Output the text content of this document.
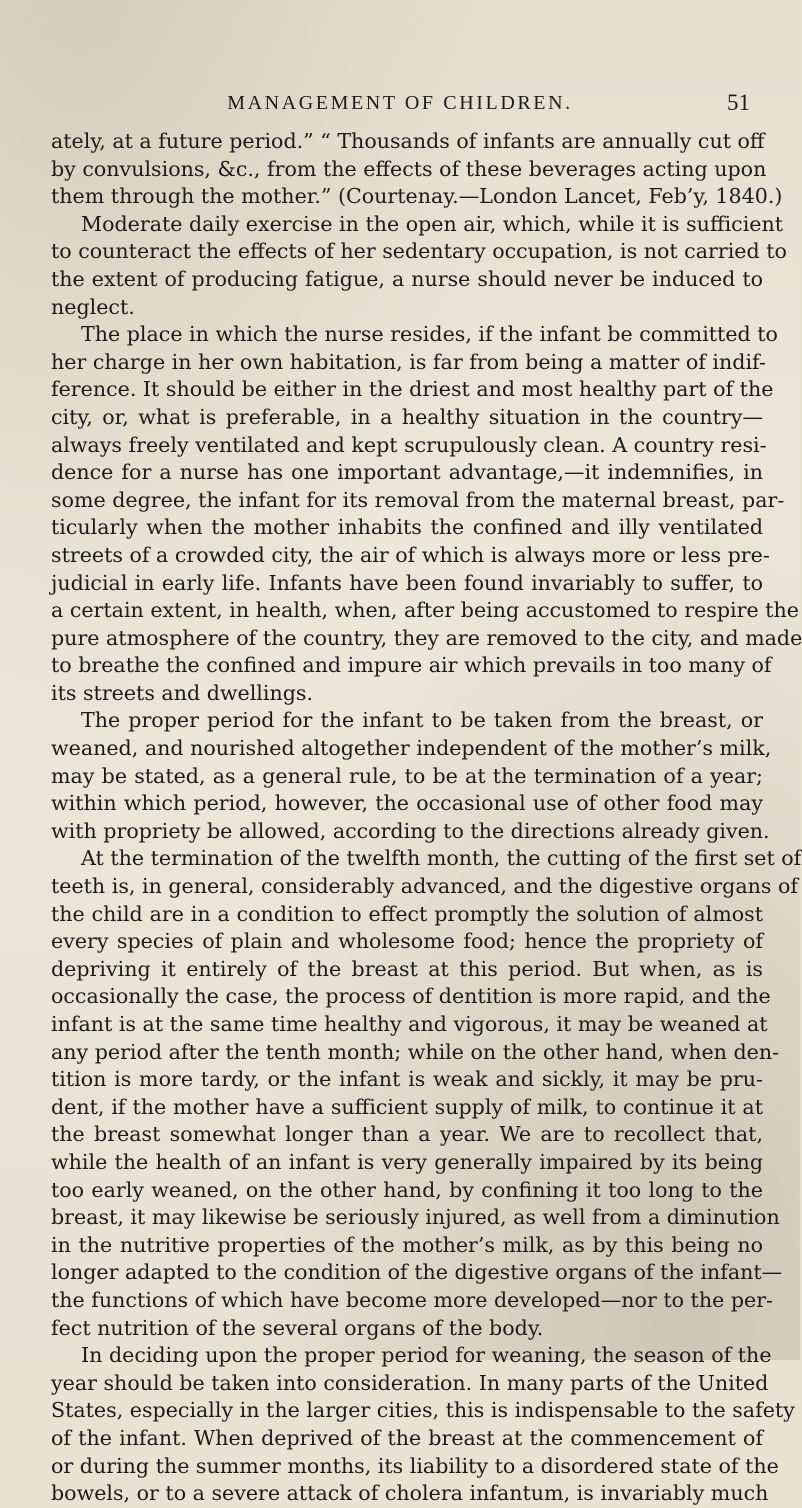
MANAGEMENT OF CHILDREN.	51
ately, at a future period.” “ Thousands of infants are annually cut off
by convulsions, &c., from the effects of these beverages acting upon
them through the mother.” (Courtenay.—London Lancet, Feb’y, 1840.)
Moderate daily exercise in the open air, which, while it is sufficient
to counteract the effects of her sedentary occupation, is not carried to
the extent of producing fatigue, a nurse should never be induced to
neglect.
The place in which the nurse resides, if the infant be committed to
her charge in her own habitation, is far from being a matter of indif-
ference. It should be either in the driest and most healthy part of the
city, or, what is preferable, in a healthy situation in the country—
always freely ventilated and kept scrupulously clean. A country resi-
dence for a nurse has one important advantage,—it indemnifies, in
some degree, the infant for its removal from the maternal breast, par-
ticularly when the mother inhabits the confined and illy ventilated
streets of a crowded city, the air of which is always more or less pre-
judicial in early life. Infants have been found invariably to suffer, to
a certain extent, in health, when, after being accustomed to respire the
pure atmosphere of the country, they are removed to the city, and made
to breathe the confined and impure air which prevails in too many of
its streets and dwellings.
The proper period for the infant to be taken from the breast, or
weaned, and nourished altogether independent of the mother’s milk,
may be stated, as a general rule, to be at the termination of a year;
within which period, however, the occasional use of other food may
with propriety be allowed, according to the directions already given.
At the termination of the twelfth month, the cutting of the first set of
teeth is, in general, considerably advanced, and the digestive organs of
the child are in a condition to effect promptly the solution of almost
every species of plain and wholesome food; hence the propriety of
depriving it entirely of the breast at this period. But when, as is
occasionally the case, the process of dentition is more rapid, and the
infant is at the same time healthy and vigorous, it may be weaned at
any period after the tenth month; while on the other hand, when den-
tition is more tardy, or the infant is weak and sickly, it may be pru-
dent, if the mother have a sufficient supply of milk, to continue it at
the breast somewhat longer than a year. We are to recollect that,
while the health of an infant is very generally impaired by its being
too early weaned, on the other hand, by confining it too long to the
breast, it may likewise be seriously injured, as well from a diminution
in the nutritive properties of the mother’s milk, as by this being no
longer adapted to the condition of the digestive organs of the infant—
the functions of which have become more developed—nor to the per-
fect nutrition of the several organs of the body.
In deciding upon the proper period for weaning, the season of the
year should be taken into consideration. In many parts of the United
States, especially in the larger cities, this is indispensable to the safety
of the infant. When deprived of the breast at the commencement of
or during the summer months, its liability to a disordered state of the
bowels, or to a severe attack of cholera infantum, is invariably much
